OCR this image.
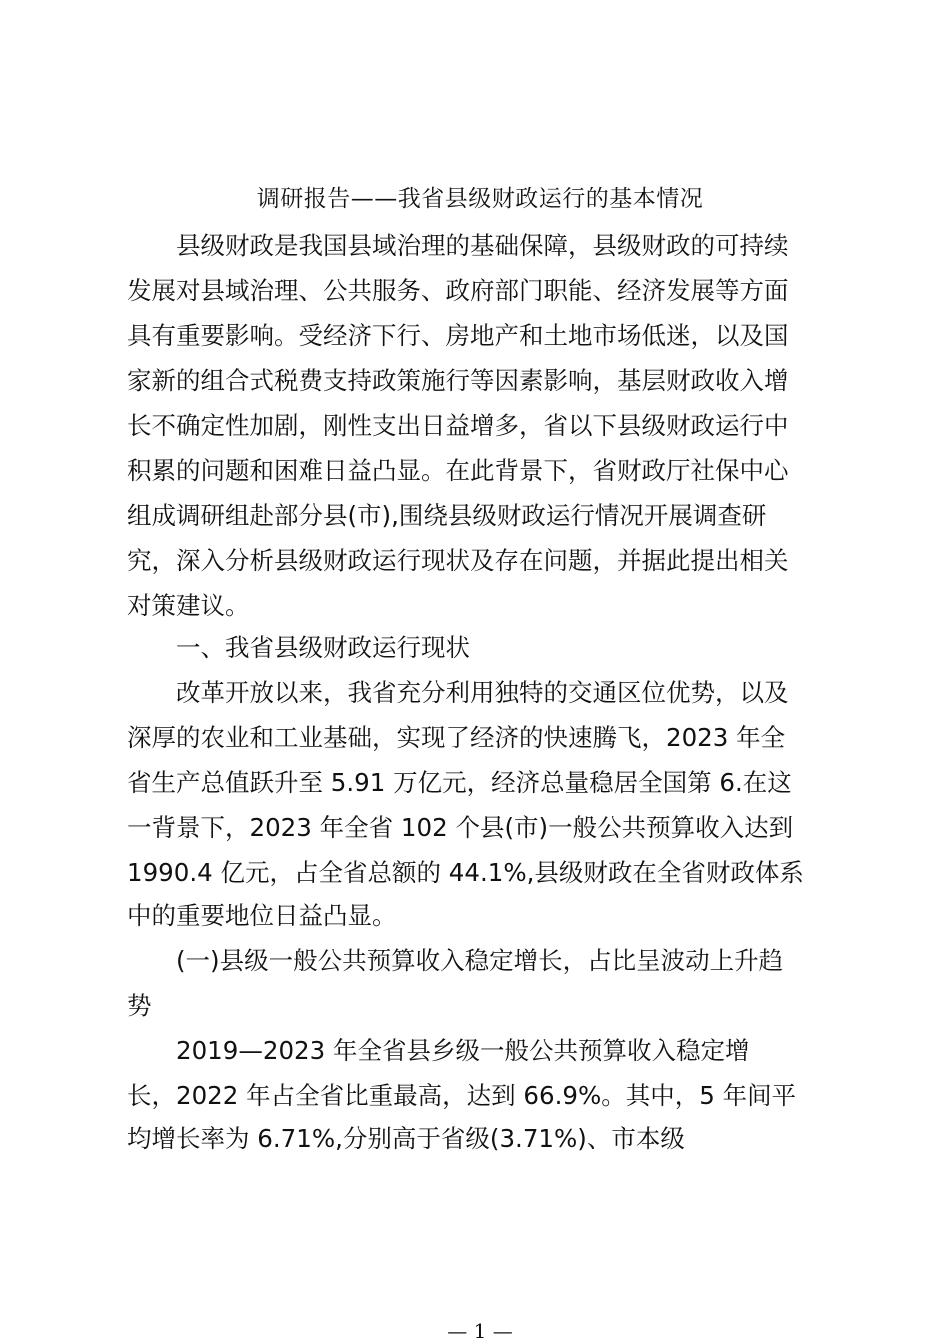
调研报告——我省县级财政运行的基本情况
县级财政是我国县域治理的基础保障，县级财政的可持续
发展对县域治理、公共服务、政府部门职能、经济发展等方面
具有重要影响。受经济下行、房地产和土地市场低迷，以及国
家新的组合式税费支持政策施行等因素影响，基层财政收入增
长不确定性加剧，刚性支出日益增多，省以下县级财政运行中
积累的问题和困难日益凸显。在此背景下，省财政厅社保中心
组成调研组赴部分县(市),围绕县级财政运行情况开展调查研
究，深入分析县级财政运行现状及存在问题，并据此提出相关
对策建议。
一、我省县级财政运行现状
改革开放以来，我省充分利用独特的交通区位优势，以及
深厚的农业和工业基础，实现了经济的快速腾飞，2023 年全
省生产总值跃升至 5.91 万亿元，经济总量稳居全国第 6.在这
一背景下，2023 年全省 102 个县(市)一般公共预算收入达到
1990.4 亿元，占全省总额的 44.1%,县级财政在全省财政体系
中的重要地位日益凸显。
(一)县级一般公共预算收入稳定增长，占比呈波动上升趋
势
2019—2023 年全省县乡级一般公共预算收入稳定增
长，2022 年占全省比重最高，达到 66.9%。其中，5 年间平
均增长率为 6.71%,分别高于省级(3.71%)、市本级
— 1 —
